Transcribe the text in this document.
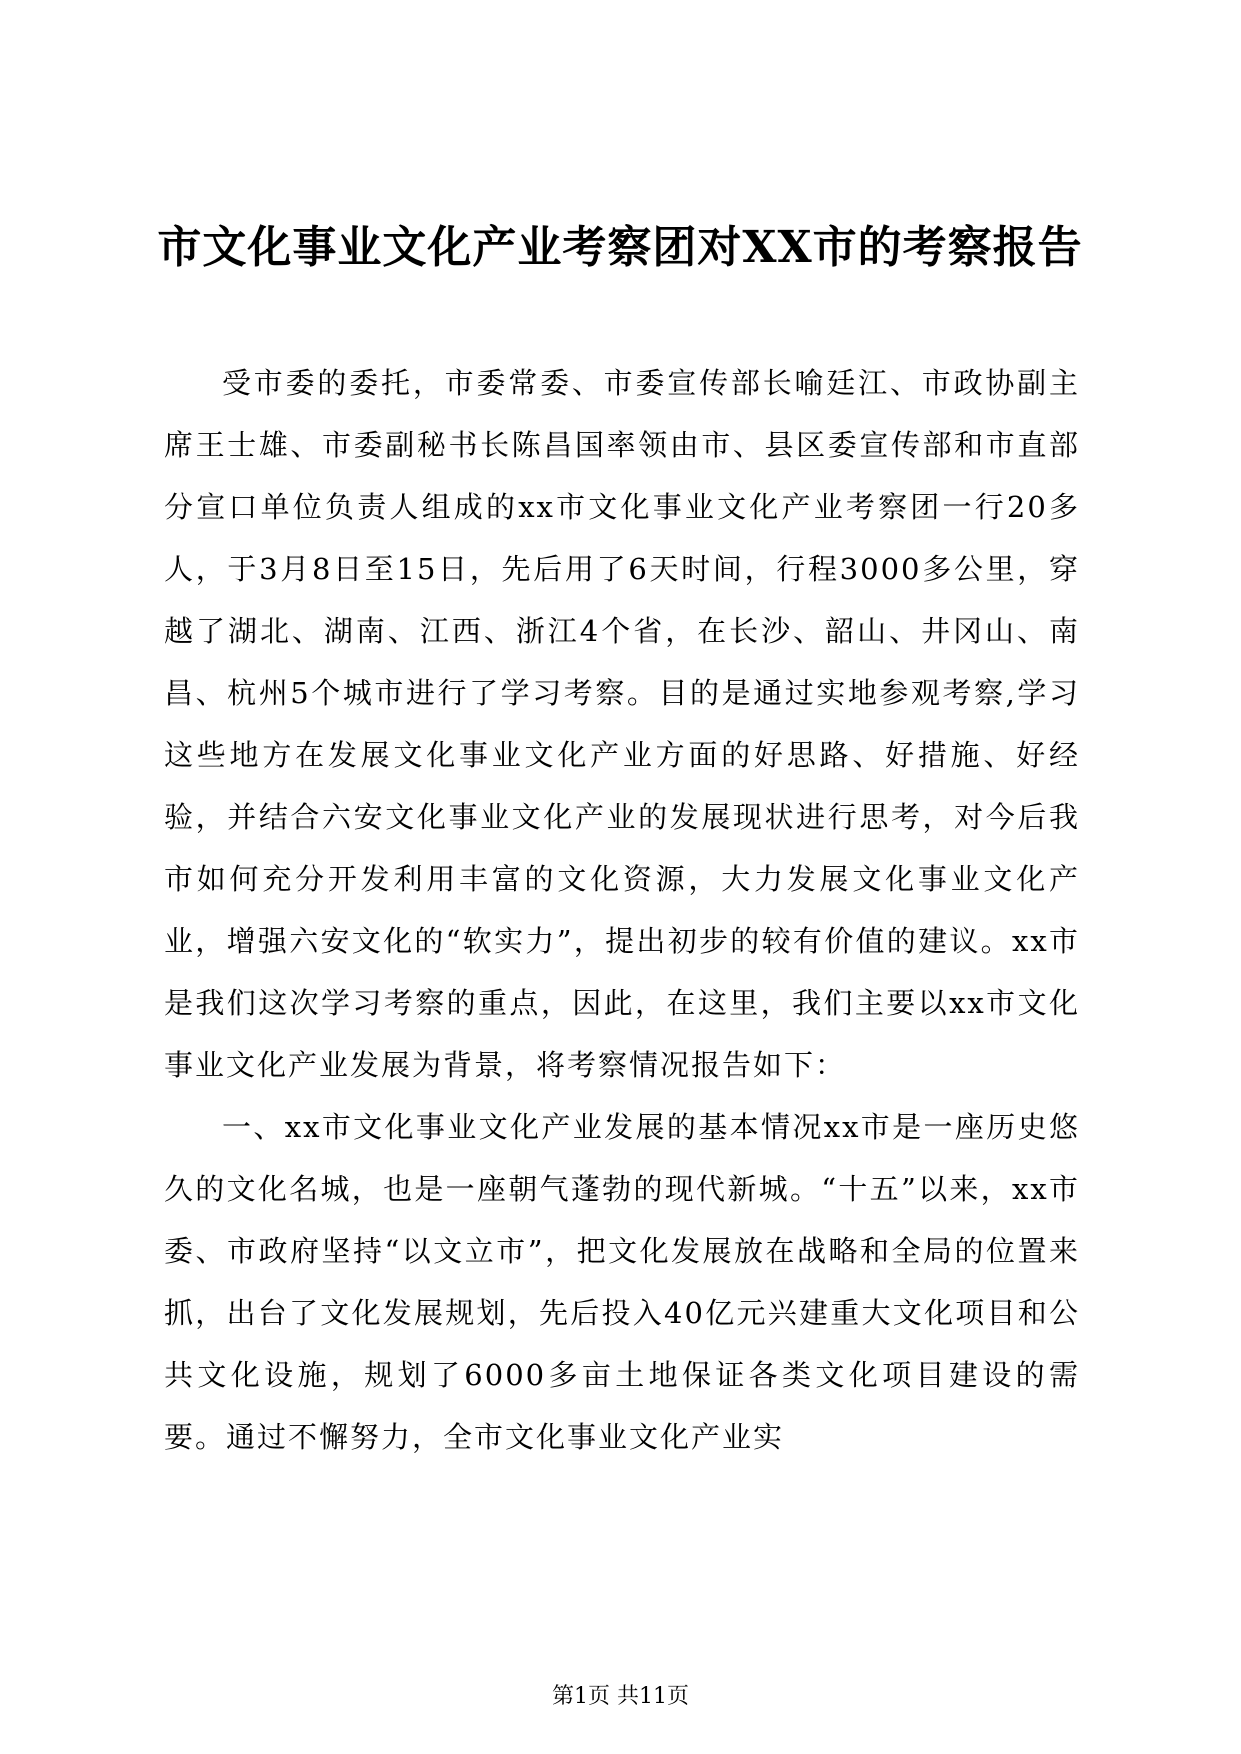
市文化事业文化产业考察团对XX市的考察报告

受市委的委托，市委常委、市委宣传部长喻廷江、市政协副主席王士雄、市委副秘书长陈昌国率领由市、县区委宣传部和市直部分宣口单位负责人组成的xx市文化事业文化产业考察团一行20多人，于3月8日至15日，先后用了6天时间，行程3000多公里，穿越了湖北、湖南、江西、浙江4个省，在长沙、韶山、井冈山、南昌、杭州5个城市进行了学习考察。目的是通过实地参观考察,学习这些地方在发展文化事业文化产业方面的好思路、好措施、好经验，并结合六安文化事业文化产业的发展现状进行思考，对今后我市如何充分开发利用丰富的文化资源，大力发展文化事业文化产业，增强六安文化的“软实力”，提出初步的较有价值的建议。xx市是我们这次学习考察的重点，因此，在这里，我们主要以xx市文化事业文化产业发展为背景，将考察情况报告如下：

一、xx市文化事业文化产业发展的基本情况xx市是一座历史悠久的文化名城，也是一座朝气蓬勃的现代新城。“十五”以来，xx市委、市政府坚持“以文立市”，把文化发展放在战略和全局的位置来抓，出台了文化发展规划，先后投入40亿元兴建重大文化项目和公共文化设施，规划了6000多亩土地保证各类文化项目建设的需要。通过不懈努力，全市文化事业文化产业实

第1页 共11页
